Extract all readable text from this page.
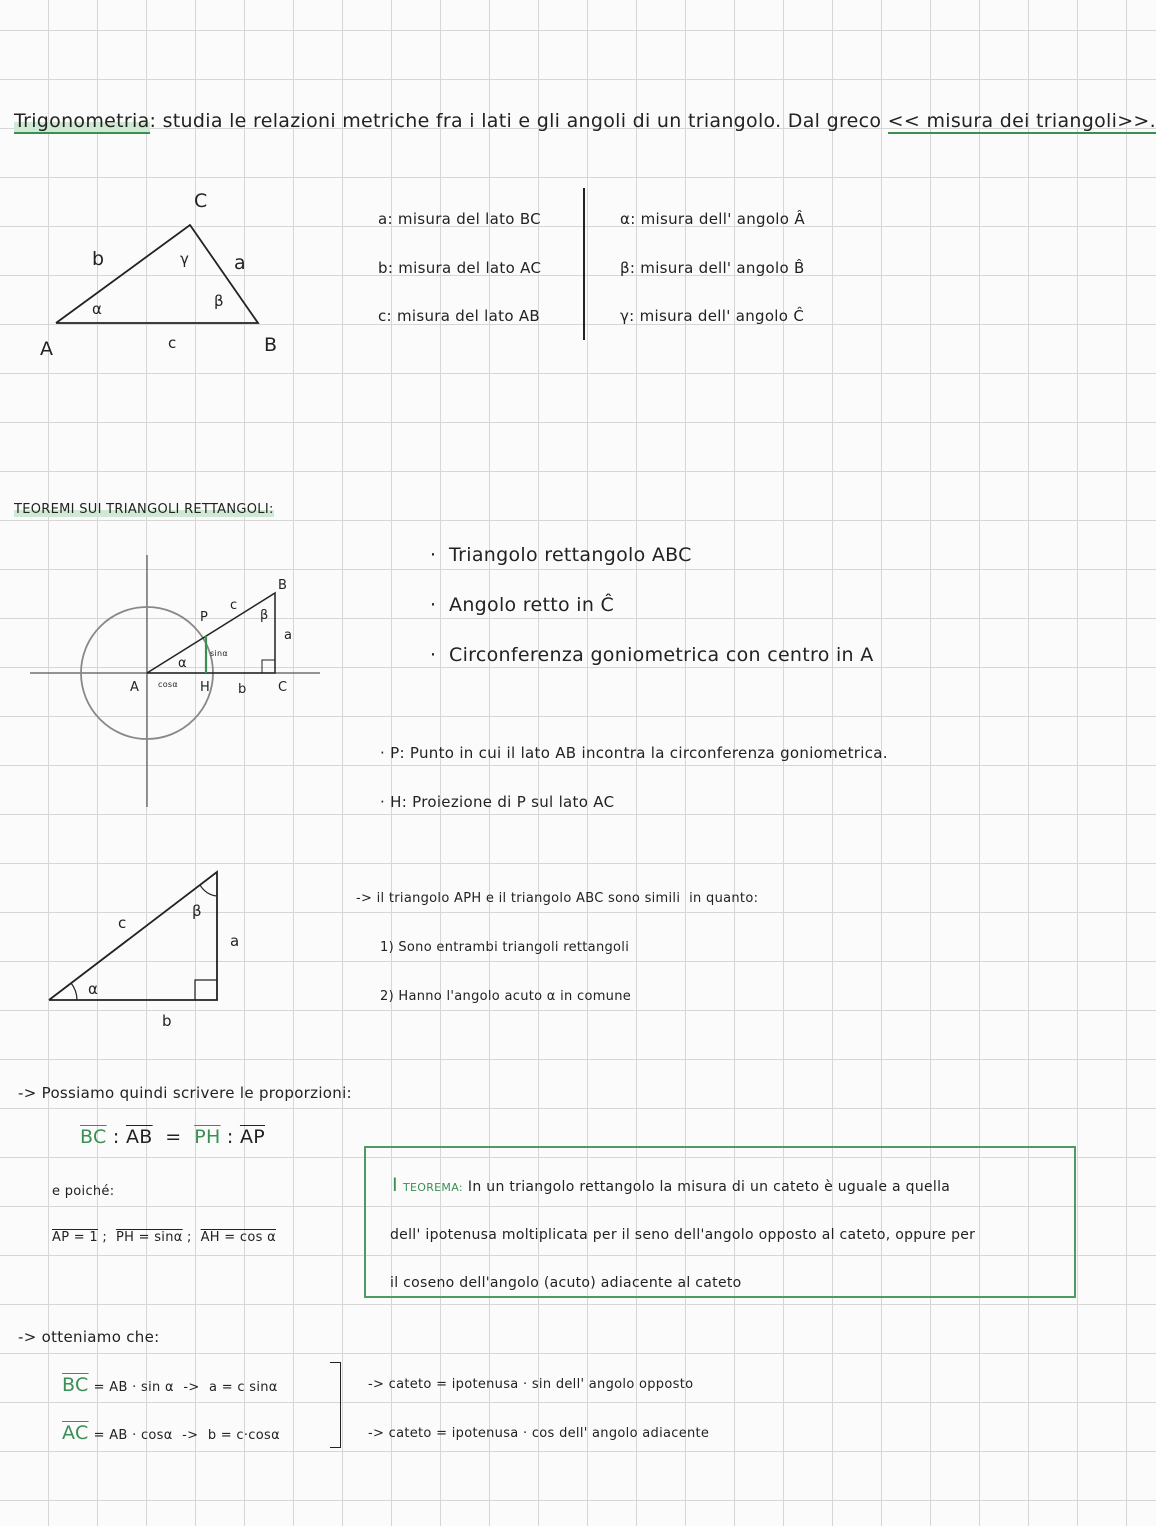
Trigonometria: studia le relazioni metriche fra i lati e gli angoli di un triangolo. Dal greco << misura dei triangoli>>.
A	B
C
b	a
c
α	β
γ
a: misura del lato BC
b: misura del lato AC
c: misura del lato AB
α: misura dell' angolo Â
β: misura dell' angolo B̂
γ: misura dell' angolo Ĉ
TEOREMI SUI TRIANGOLI RETTANGOLI:
A	H
P
B
C
a
b
c
β
α
sinα
cosα
·  Triangolo rettangolo ABC
·  Angolo retto in Ĉ
·  Circonferenza goniometrica con centro in A
· P: Punto in cui il lato AB incontra la circonferenza goniometrica.
· H: Proiezione di P sul lato AC
-> il triangolo APH e il triangolo ABC sono simili in quanto:
1) Sono entrambi triangoli rettangoli
2) Hanno l'angolo acuto α in comune
c
a
b
α
β
-> Possiamo quindi scrivere le proporzioni:
$\overline{BC}$ : $\overline{AB} = \overline{PH}$ : $\overline{AP}$
e poiché:
AP = 1 ;  PH = sinα ;  AH = cos α
I TEOREMA: In un triangolo rettangolo la misura di un cateto è uguale a quella
dell' ipotenusa moltiplicata per il seno dell'angolo opposto al cateto, oppure per
il coseno dell'angolo (acuto) adiacente al cateto
-> otteniamo che:
$\overline{BC}$ = AB · sin α  ->  a = c sinα
$\overline{AC}$ = AB · cosα  ->  b = c·cosα
-> cateto = ipotenusa · sin dell' angolo opposto
-> cateto = ipotenusa · cos dell' angolo adiacente
